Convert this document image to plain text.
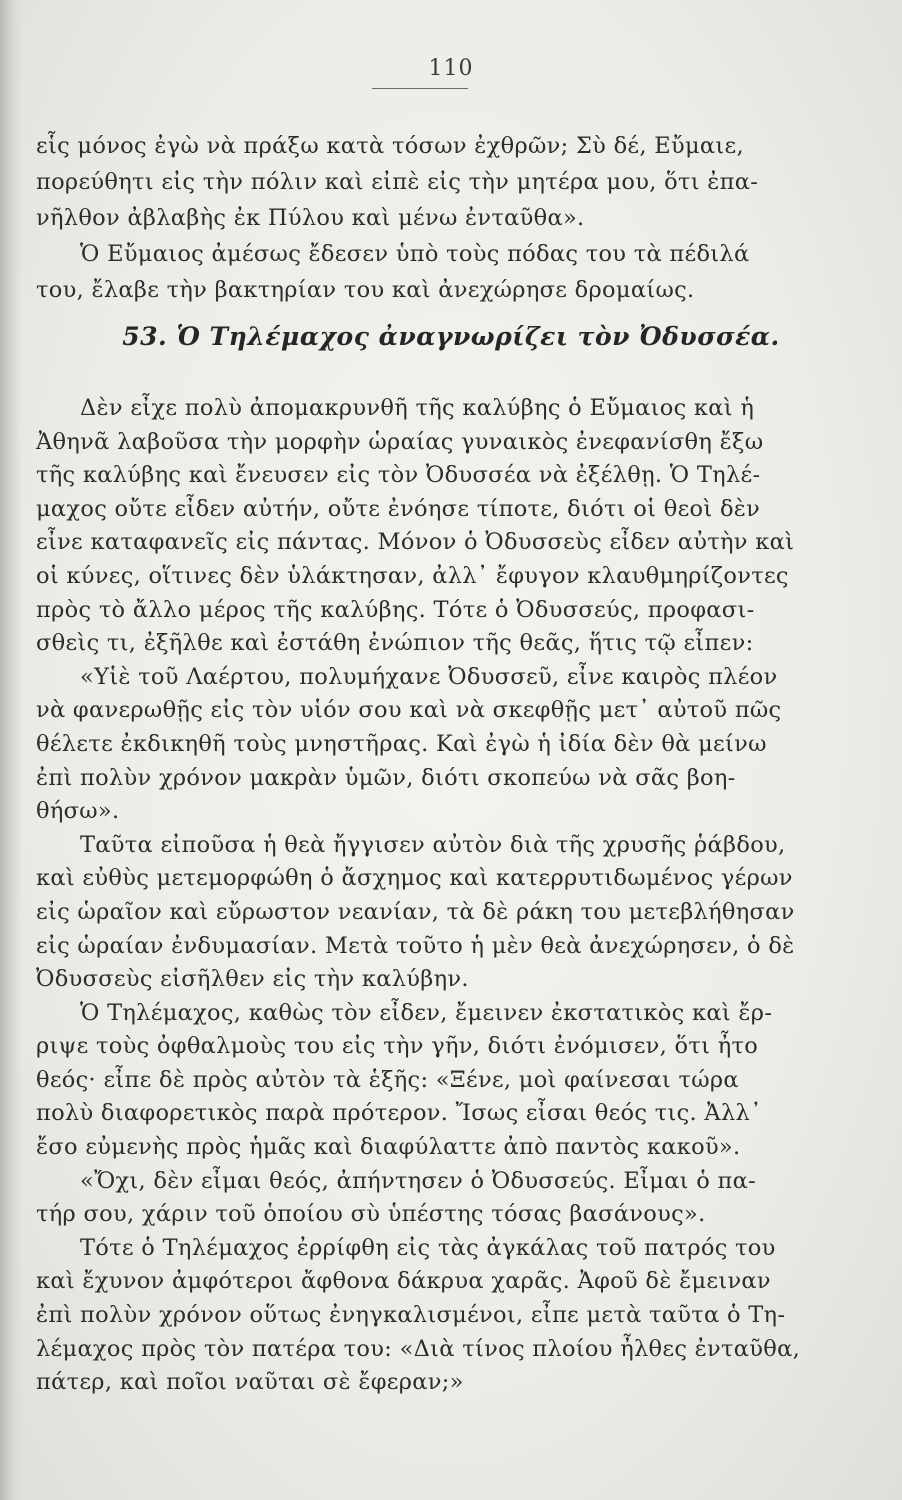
110
εἷς μόνος ἐγὼ νὰ πράξω κατὰ τόσων ἐχθρῶν; Σὺ δέ, Εὔμαιε,
πορεύθητι εἰς τὴν πόλιν καὶ εἰπὲ εἰς τὴν μητέρα μου, ὅτι ἐπα-
νῆλθον ἀβλαβὴς ἐκ Πύλου καὶ μένω ἐνταῦθα».
Ὁ Εὔμαιος ἀμέσως ἔδεσεν ὑπὸ τοὺς πόδας του τὰ πέδιλά
του, ἔλαβε τὴν βακτηρίαν του καὶ ἀνεχώρησε δρομαίως.
53. Ὁ Τηλέμαχος ἀναγνωρίζει τὸν Ὀδυσσέα.
Δὲν εἶχε πολὺ ἀπομακρυνθῆ τῆς καλύβης ὁ Εὔμαιος καὶ ἡ
Ἀθηνᾶ λαβοῦσα τὴν μορφὴν ὡραίας γυναικὸς ἐνεφανίσθη ἔξω
τῆς καλύβης καὶ ἔνευσεν εἰς τὸν Ὀδυσσέα νὰ ἐξέλθῃ. Ὁ Τηλέ-
μαχος οὔτε εἶδεν αὐτήν, οὔτε ἐνόησε τίποτε, διότι οἱ θεοὶ δὲν
εἶνε καταφανεῖς εἰς πάντας. Μόνον ὁ Ὀδυσσεὺς εἶδεν αὐτὴν καὶ
οἱ κύνες, οἵτινες δὲν ὑλάκτησαν, ἀλλ᾽ ἔφυγον κλαυθμηρίζοντες
πρὸς τὸ ἄλλο μέρος τῆς καλύβης. Τότε ὁ Ὀδυσσεύς, προφασι-
σθεὶς τι, ἐξῆλθε καὶ ἐστάθη ἐνώπιον τῆς θεᾶς, ἥτις τῷ εἶπεν:
«Υἱὲ τοῦ Λαέρτου, πολυμήχανε Ὀδυσσεῦ, εἶνε καιρὸς πλέον
νὰ φανερωθῇς εἰς τὸν υἱόν σου καὶ νὰ σκεφθῇς μετ᾽ αὐτοῦ πῶς
θέλετε ἐκδικηθῆ τοὺς μνηστῆρας. Καὶ ἐγὼ ἡ ἰδία δὲν θὰ μείνω
ἐπὶ πολὺν χρόνον μακρὰν ὑμῶν, διότι σκοπεύω νὰ σᾶς βοη-
θήσω».
Ταῦτα εἰποῦσα ἡ θεὰ ἤγγισεν αὐτὸν διὰ τῆς χρυσῆς ῥάβδου,
καὶ εὐθὺς μετεμορφώθη ὁ ἄσχημος καὶ κατερρυτιδωμένος γέρων
εἰς ὡραῖον καὶ εὔρωστον νεανίαν, τὰ δὲ ράκη του μετεβλήθησαν
εἰς ὡραίαν ἐνδυμασίαν. Μετὰ τοῦτο ἡ μὲν θεὰ ἀνεχώρησεν, ὁ δὲ
Ὀδυσσεὺς εἰσῆλθεν εἰς τὴν καλύβην.
Ὁ Τηλέμαχος, καθὼς τὸν εἶδεν, ἔμεινεν ἐκστατικὸς καὶ ἔρ-
ριψε τοὺς ὀφθαλμοὺς του εἰς τὴν γῆν, διότι ἐνόμισεν, ὅτι ἦτο
θεός· εἶπε δὲ πρὸς αὐτὸν τὰ ἑξῆς: «Ξένε, μοὶ φαίνεσαι τώρα
πολὺ διαφορετικὸς παρὰ πρότερον. Ἴσως εἶσαι θεός τις. Ἀλλ᾽
ἔσο εὐμενὴς πρὸς ἡμᾶς καὶ διαφύλαττε ἀπὸ παντὸς κακοῦ».
«Ὄχι, δὲν εἶμαι θεός, ἀπήντησεν ὁ Ὀδυσσεύς. Εἶμαι ὁ πα-
τήρ σου, χάριν τοῦ ὁποίου σὺ ὑπέστης τόσας βασάνους».
Τότε ὁ Τηλέμαχος ἐρρίφθη εἰς τὰς ἀγκάλας τοῦ πατρός του
καὶ ἔχυνον ἀμφότεροι ἄφθονα δάκρυα χαρᾶς. Ἀφοῦ δὲ ἔμειναν
ἐπὶ πολὺν χρόνον οὕτως ἐνηγκαλισμένοι, εἶπε μετὰ ταῦτα ὁ Τη-
λέμαχος πρὸς τὸν πατέρα του: «Διὰ τίνος πλοίου ἦλθες ἐνταῦθα,
πάτερ, καὶ ποῖοι ναῦται σὲ ἔφεραν;»
